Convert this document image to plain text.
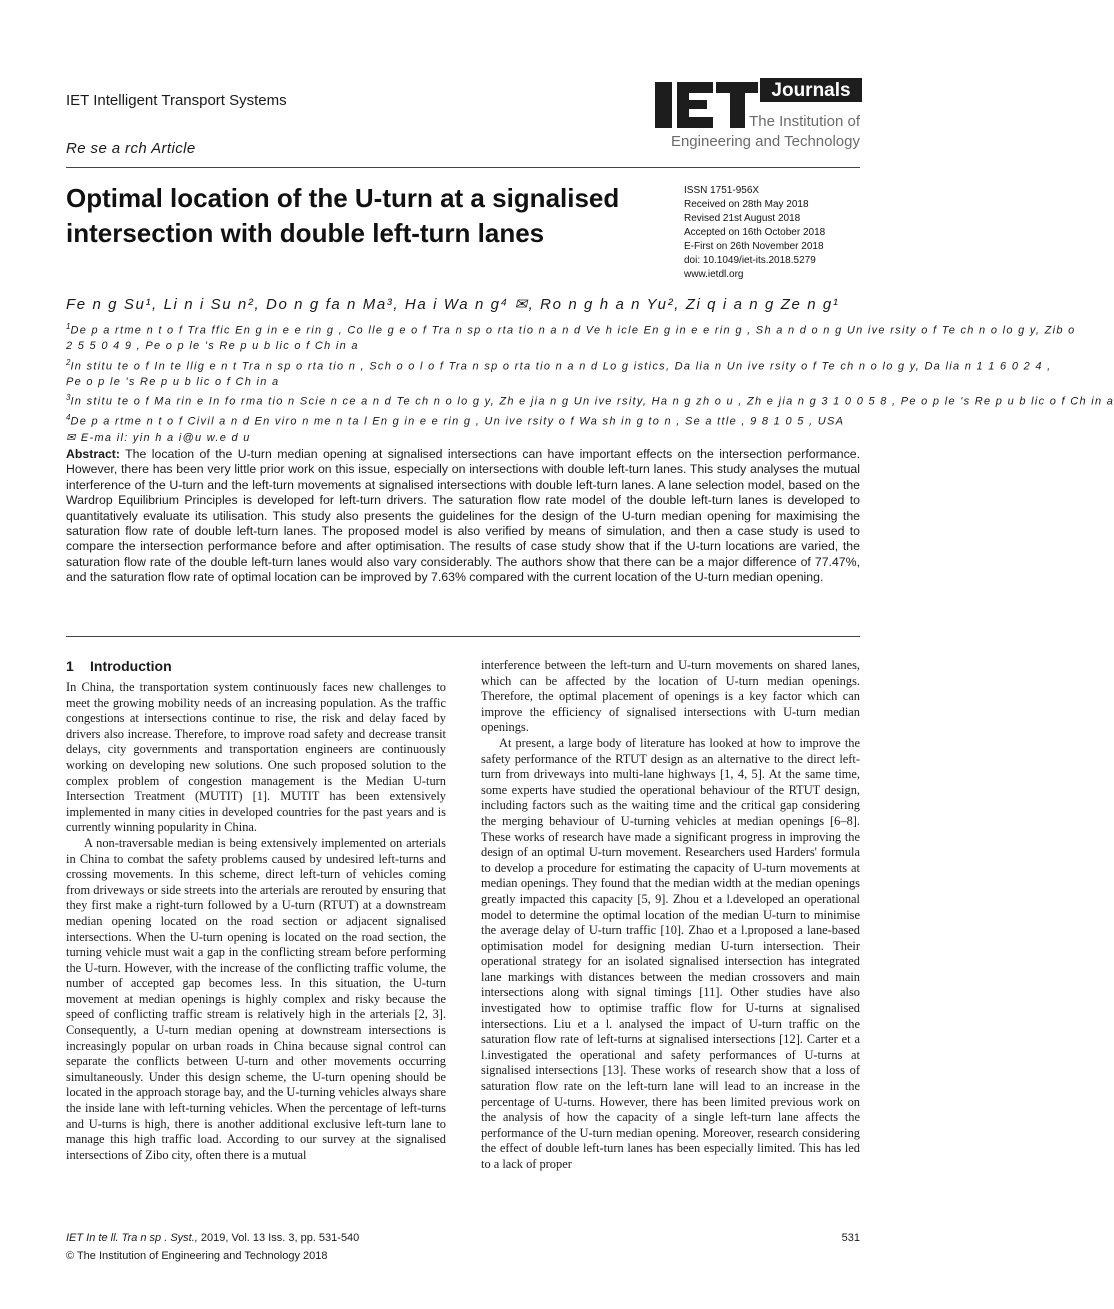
IET Intelligent Transport Systems
Re se a rch Article
Journals
The Institution of
Engineering and Technology
Optimal location of the U-turn at a signalised intersection with double left-turn lanes
ISSN 1751-956X
Received on 28th May 2018
Revised 21st August 2018
Accepted on 16th October 2018
E-First on 26th November 2018
doi: 10.1049/iet-its.2018.5279
www.ietdl.org
Fe n g Su¹, Li n i Su n², Do n g fa n Ma³, Ha i Wa n g⁴ ✉, Ro n g h a n Yu², Zi q i a n g Ze n g¹
$^1$De p a rtme n t o f Tra ffic En g in e e rin g , Co lle g e o f Tra n sp o rta tio n a n d Ve h icle En g in e e rin g , Sh a n d o n g Un ive rsity o f Te ch n o lo g y, Zib o
2 5 5 0 4 9 , Pe o p le 's Re p u b lic o f Ch in a
$^2$In stitu te o f In te llig e n t Tra n sp o rta tio n , Sch o o l o f Tra n sp o rta tio n a n d Lo g istics, Da lia n Un ive rsity o f Te ch n o lo g y, Da lia n 1 1 6 0 2 4 ,
Pe o p le 's Re p u b lic o f Ch in a
$^3$In stitu te o f Ma rin e In fo rma tio n Scie n ce a n d Te ch n o lo g y, Zh e jia n g Un ive rsity, Ha n g zh o u , Zh e jia n g 3 1 0 0 5 8 , Pe o p le 's Re p u b lic o f Ch in a
$^4$De p a rtme n t o f Civil a n d En viro n me n ta l En g in e e rin g , Un ive rsity o f Wa sh in g to n , Se a ttle , 9 8 1 0 5 , USA
✉ E-ma il: yin h a i@u w.e d u
Abstract: The location of the U-turn median opening at signalised intersections can have important effects on the intersection performance. However, there has been very little prior work on this issue, especially on intersections with double left-turn lanes. This study analyses the mutual interference of the U-turn and the left-turn movements at signalised intersections with double left-turn lanes. A lane selection model, based on the Wardrop Equilibrium Principles is developed for left-turn drivers. The saturation flow rate model of the double left-turn lanes is developed to quantitatively evaluate its utilisation. This study also presents the guidelines for the design of the U-turn median opening for maximising the saturation flow rate of double left-turn lanes. The proposed model is also verified by means of simulation, and then a case study is used to compare the intersection performance before and after optimisation. The results of case study show that if the U-turn locations are varied, the saturation flow rate of the double left-turn lanes would also vary considerably. The authors show that there can be a major difference of 77.47%, and the saturation flow rate of optimal location can be improved by 7.63% compared with the current location of the U-turn median opening.
1 Introduction

In China, the transportation system continuously faces new challenges to meet the growing mobility needs of an increasing population. As the traffic congestions at intersections continue to rise, the risk and delay faced by drivers also increase. Therefore, to improve road safety and decrease transit delays, city governments and transportation engineers are continuously working on developing new solutions. One such proposed solution to the complex problem of congestion management is the Median U-turn Intersection Treatment (MUTIT) [1]. MUTIT has been extensively implemented in many cities in developed countries for the past years and is currently winning popularity in China.

A non-traversable median is being extensively implemented on arterials in China to combat the safety problems caused by undesired left-turns and crossing movements. In this scheme, direct left-turn of vehicles coming from driveways or side streets into the arterials are rerouted by ensuring that they first make a right-turn followed by a U-turn (RTUT) at a downstream median opening located on the road section or adjacent signalised intersections. When the U-turn opening is located on the road section, the turning vehicle must wait a gap in the conflicting stream before performing the U-turn. However, with the increase of the conflicting traffic volume, the number of accepted gap becomes less. In this situation, the U-turn movement at median openings is highly complex and risky because the speed of conflicting traffic stream is relatively high in the arterials [2, 3]. Consequently, a U-turn median opening at downstream intersections is increasingly popular on urban roads in China because signal control can separate the conflicts between U-turn and other movements occurring simultaneously. Under this design scheme, the U-turn opening should be located in the approach storage bay, and the U-turning vehicles always share the inside lane with left-turning vehicles. When the percentage of left-turns and U-turns is high, there is another additional exclusive left-turn lane to manage this high traffic load. According to our survey at the signalised intersections of Zibo city, often there is a mutual

interference between the left-turn and U-turn movements on shared lanes, which can be affected by the location of U-turn median openings. Therefore, the optimal placement of openings is a key factor which can improve the efficiency of signalised intersections with U-turn median openings.

At present, a large body of literature has looked at how to improve the safety performance of the RTUT design as an alternative to the direct left-turn from driveways into multi-lane highways [1, 4, 5]. At the same time, some experts have studied the operational behaviour of the RTUT design, including factors such as the waiting time and the critical gap considering the merging behaviour of U-turning vehicles at median openings [6–8]. These works of research have made a significant progress in improving the design of an optimal U-turn movement. Researchers used Harders' formula to develop a procedure for estimating the capacity of U-turn movements at median openings. They found that the median width at the median openings greatly impacted this capacity [5, 9]. Zhou et a l.developed an operational model to determine the optimal location of the median U-turn to minimise the average delay of U-turn traffic [10]. Zhao et a l.proposed a lane-based optimisation model for designing median U-turn intersection. Their operational strategy for an isolated signalised intersection has integrated lane markings with distances between the median crossovers and main intersections along with signal timings [11]. Other studies have also investigated how to optimise traffic flow for U-turns at signalised intersections. Liu et a l. analysed the impact of U-turn traffic on the saturation flow rate of left-turns at signalised intersections [12]. Carter et a l.investigated the operational and safety performances of U-turns at signalised intersections [13]. These works of research show that a loss of saturation flow rate on the left-turn lane will lead to an increase in the percentage of U-turns. However, there has been limited previous work on the analysis of how the capacity of a single left-turn lane affects the performance of the U-turn median opening. Moreover, research considering the effect of double left-turn lanes has been especially limited. This has led to a lack of proper

IET In te ll. Tra n sp . Syst., 2019, Vol. 13 Iss. 3, pp. 531-540
© The Institution of Engineering and Technology 2018
531
